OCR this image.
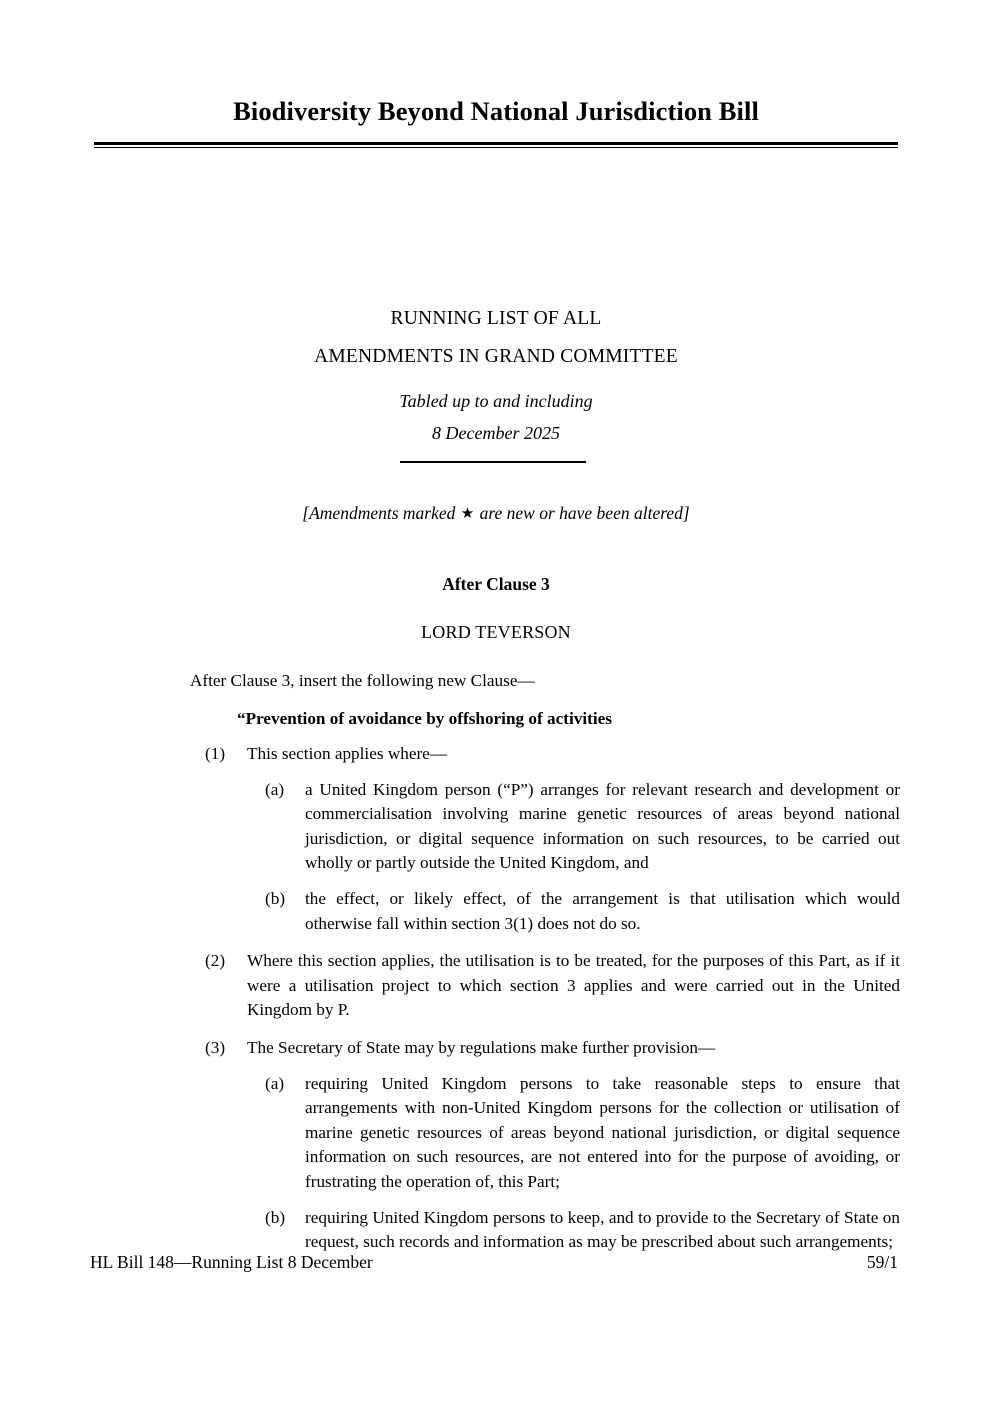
Biodiversity Beyond National Jurisdiction Bill
RUNNING LIST OF ALL
AMENDMENTS IN GRAND COMMITTEE
Tabled up to and including
8 December 2025
[Amendments marked ★ are new or have been altered]
After Clause 3
LORD TEVERSON
After Clause 3, insert the following new Clause—
“Prevention of avoidance by offshoring of activities
(1)	This section applies where—
(a)	a United Kingdom person (“P”) arranges for relevant research and development or commercialisation involving marine genetic resources of areas beyond national jurisdiction, or digital sequence information on such resources, to be carried out wholly or partly outside the United Kingdom, and
(b)	the effect, or likely effect, of the arrangement is that utilisation which would otherwise fall within section 3(1) does not do so.
(2)	Where this section applies, the utilisation is to be treated, for the purposes of this Part, as if it were a utilisation project to which section 3 applies and were carried out in the United Kingdom by P.
(3)	The Secretary of State may by regulations make further provision—
(a)	requiring United Kingdom persons to take reasonable steps to ensure that arrangements with non-United Kingdom persons for the collection or utilisation of marine genetic resources of areas beyond national jurisdiction, or digital sequence information on such resources, are not entered into for the purpose of avoiding, or frustrating the operation of, this Part;
(b)	requiring United Kingdom persons to keep, and to provide to the Secretary of State on request, such records and information as may be prescribed about such arrangements;
HL Bill 148—Running List 8 December	59/1
